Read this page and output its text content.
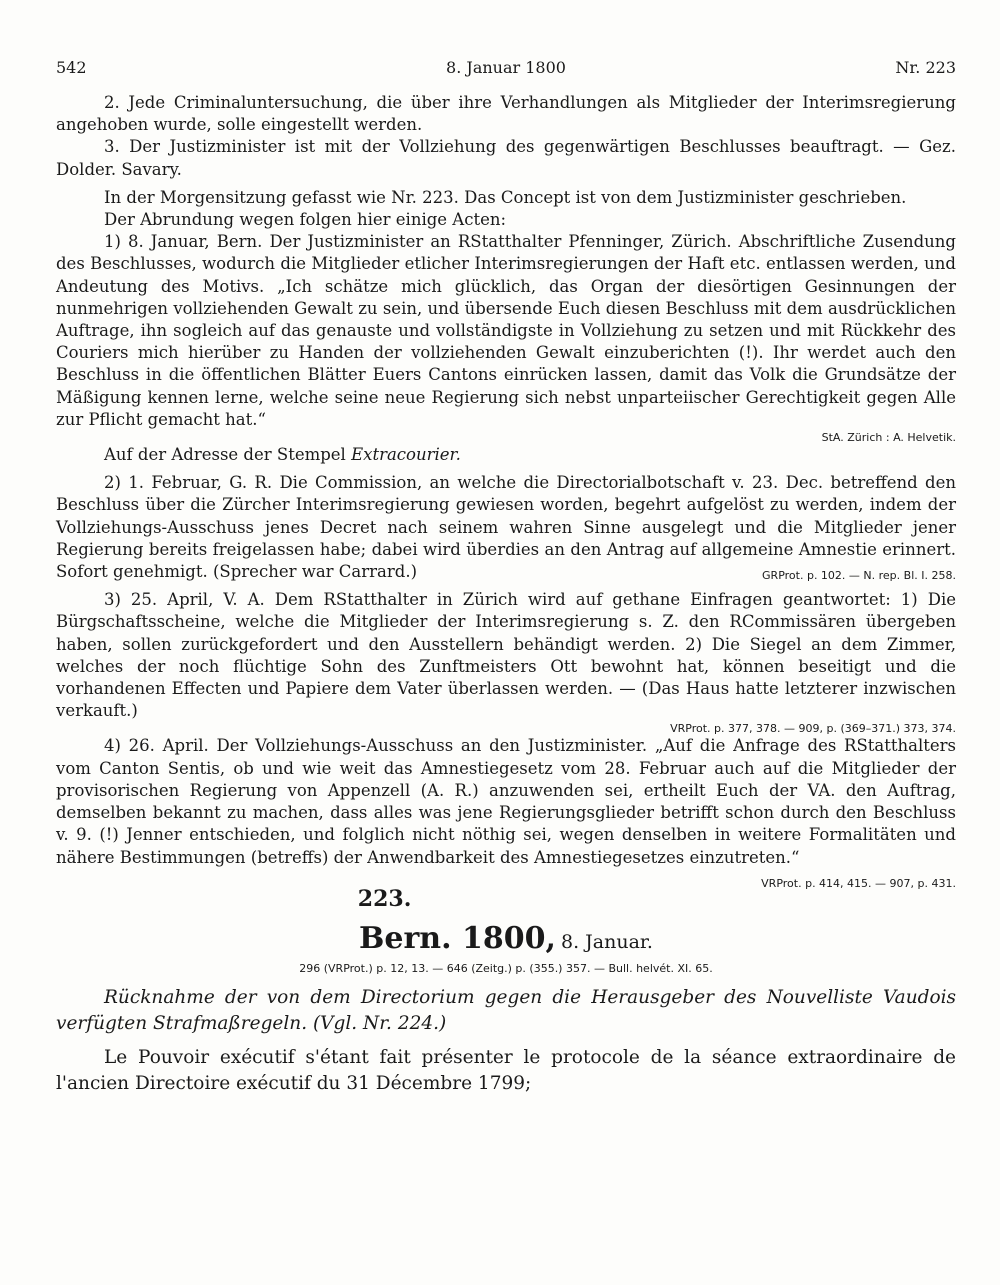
542	8. Januar 1800	Nr. 223

2. Jede Criminaluntersuchung, die über ihre Verhandlungen als Mitglieder der Interimsregierung angehoben wurde, solle eingestellt werden.

3. Der Justizminister ist mit der Vollziehung des gegenwärtigen Beschlusses beauftragt. — Gez. Dolder. Savary.

In der Morgensitzung gefasst wie Nr. 223. Das Concept ist von dem Justizminister geschrieben.

Der Abrundung wegen folgen hier einige Acten:

1) 8. Januar, Bern. Der Justizminister an RStatthalter Pfenninger, Zürich. Abschriftliche Zusendung des Beschlusses, wodurch die Mitglieder etlicher Interimsregierungen der Haft etc. entlassen werden, und Andeutung des Motivs. „Ich schätze mich glücklich, das Organ der diesörtigen Gesinnungen der nunmehrigen vollziehenden Gewalt zu sein, und übersende Euch diesen Beschluss mit dem ausdrücklichen Auftrage, ihn sogleich auf das genauste und vollständigste in Vollziehung zu setzen und mit Rückkehr des Couriers mich hierüber zu Handen der vollziehenden Gewalt einzuberichten (!). Ihr werdet auch den Beschluss in die öffentlichen Blätter Euers Cantons einrücken lassen, damit das Volk die Grundsätze der Mäßigung kennen lerne, welche seine neue Regierung sich nebst unparteiischer Gerechtigkeit gegen Alle zur Pflicht gemacht hat.“

StA. Zürich : A. Helvetik.

Auf der Adresse der Stempel Extracourier.

2) 1. Februar, G. R. Die Commission, an welche die Directorialbotschaft v. 23. Dec. betreffend den Beschluss über die Zürcher Interimsregierung gewiesen worden, begehrt aufgelöst zu werden, indem der Vollziehungs-Ausschuss jenes Decret nach seinem wahren Sinne ausgelegt und die Mitglieder jener Regierung bereits freigelassen habe; dabei wird überdies an den Antrag auf allgemeine Amnestie erinnert. Sofort genehmigt. (Sprecher war Carrard.)	GRProt. p. 102. — N. rep. Bl. I. 258.

3) 25. April, V. A. Dem RStatthalter in Zürich wird auf gethane Einfragen geantwortet: 1) Die Bürgschaftsscheine, welche die Mitglieder der Interimsregierung s. Z. den RCommissären übergeben haben, sollen zurückgefordert und den Ausstellern behändigt werden. 2) Die Siegel an dem Zimmer, welches der noch flüchtige Sohn des Zunftmeisters Ott bewohnt hat, können beseitigt und die vorhandenen Effecten und Papiere dem Vater überlassen werden. — (Das Haus hatte letzterer inzwischen verkauft.)

VRProt. p. 377, 378. — 909, p. (369–371.) 373, 374.

4) 26. April. Der Vollziehungs-Ausschuss an den Justizminister. „Auf die Anfrage des RStatthalters vom Canton Sentis, ob und wie weit das Amnestiegesetz vom 28. Februar auch auf die Mitglieder der provisorischen Regierung von Appenzell (A. R.) anzuwenden sei, ertheilt Euch der VA. den Auftrag, demselben bekannt zu machen, dass alles was jene Regierungsglieder betrifft schon durch den Beschluss v. 9. (!) Jenner entschieden, und folglich nicht nöthig sei, wegen denselben in weitere Formalitäten und nähere Bestimmungen (betreffs) der Anwendbarkeit des Amnestiegesetzes einzutreten.“
VRProt. p. 414, 415. — 907, p. 431.

223.
Bern. 1800, 8. Januar.
296 (VRProt.) p. 12, 13. — 646 (Zeitg.) p. (355.) 357. — Bull. helvét. XI. 65.

Rücknahme der von dem Directorium gegen die Herausgeber des Nouvelliste Vaudois verfügten Strafmaßregeln. (Vgl. Nr. 224.)

Le Pouvoir exécutif s'étant fait présenter le protocole de la séance extraordinaire de l'ancien Directoire exécutif du 31 Décembre 1799;
